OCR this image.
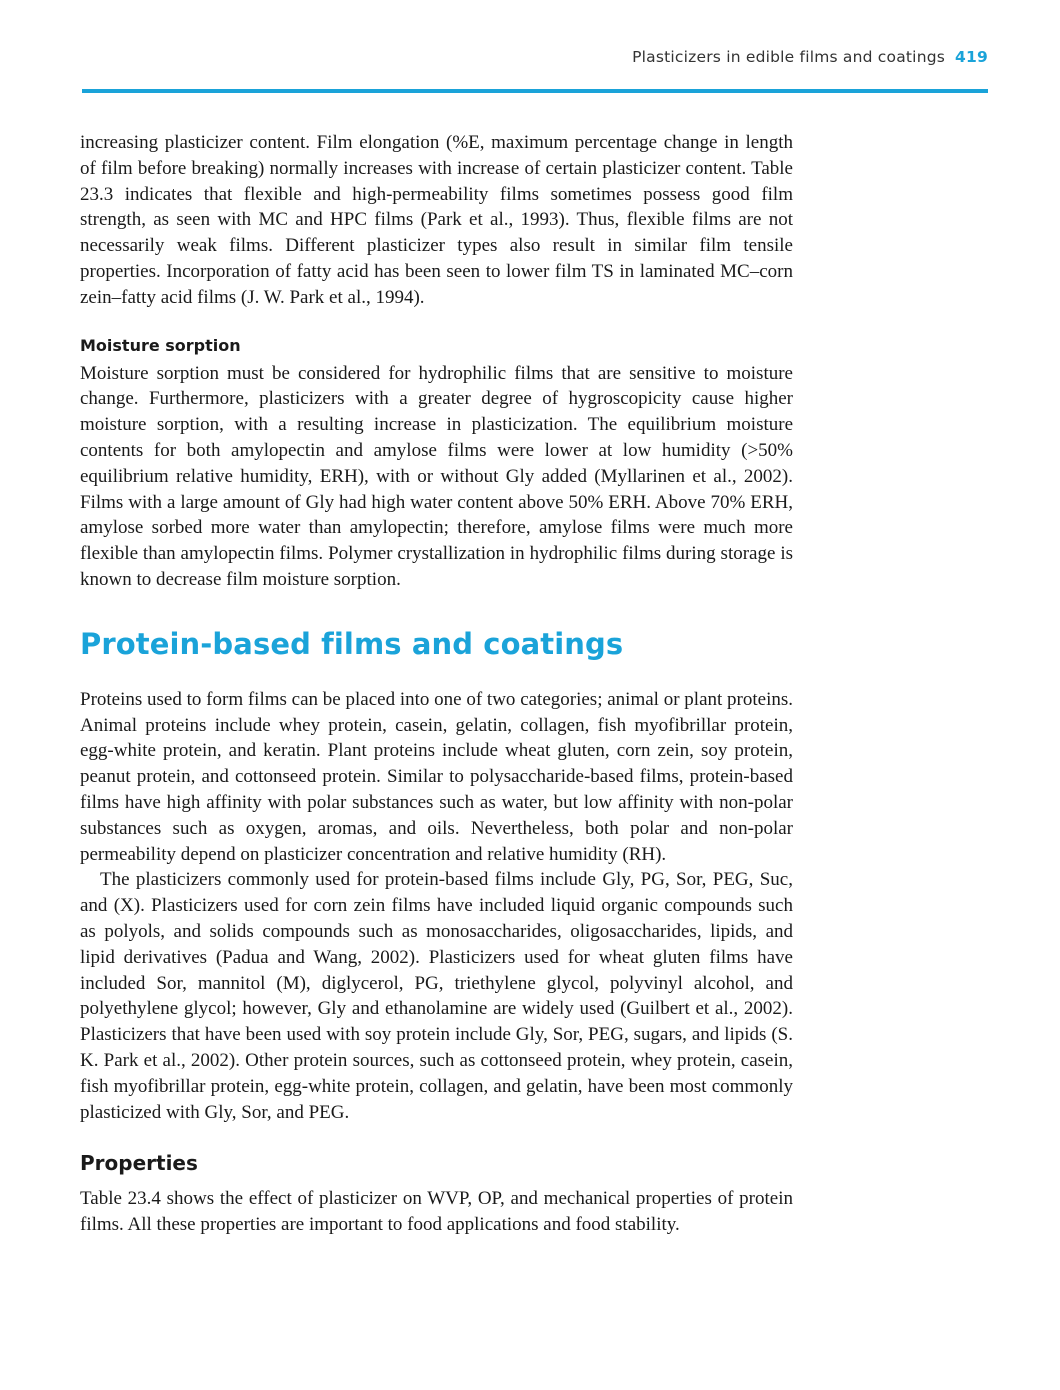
Plasticizers in edible films and coatings 419

increasing plasticizer content. Film elongation (%E, maximum percentage change in length of film before breaking) normally increases with increase of certain plasticizer content. Table 23.3 indicates that flexible and high-permeability films sometimes possess good film strength, as seen with MC and HPC films (Park et al., 1993). Thus, flexible films are not necessarily weak films. Different plasticizer types also result in similar film tensile properties. Incorporation of fatty acid has been seen to lower film TS in laminated MC–corn zein–fatty acid films (J. W. Park et al., 1994).

Moisture sorption

Moisture sorption must be considered for hydrophilic films that are sensitive to moisture change. Furthermore, plasticizers with a greater degree of hygroscopicity cause higher moisture sorption, with a resulting increase in plasticization. The equilibrium moisture contents for both amylopectin and amylose films were lower at low humidity (>50% equilibrium relative humidity, ERH), with or without Gly added (Myllarinen et al., 2002). Films with a large amount of Gly had high water content above 50% ERH. Above 70% ERH, amylose sorbed more water than amylopectin; therefore, amylose films were much more flexible than amylopectin films. Polymer crystallization in hydrophilic films during storage is known to decrease film moisture sorption.

Protein-based films and coatings

Proteins used to form films can be placed into one of two categories; animal or plant proteins. Animal proteins include whey protein, casein, gelatin, collagen, fish myofibrillar protein, egg-white protein, and keratin. Plant proteins include wheat gluten, corn zein, soy protein, peanut protein, and cottonseed protein. Similar to polysaccharide-based films, protein-based films have high affinity with polar substances such as water, but low affinity with non-polar substances such as oxygen, aromas, and oils. Nevertheless, both polar and non-polar permeability depend on plasticizer concentration and relative humidity (RH).

The plasticizers commonly used for protein-based films include Gly, PG, Sor, PEG, Suc, and (X). Plasticizers used for corn zein films have included liquid organic compounds such as polyols, and solids compounds such as monosaccharides, oligosaccharides, lipids, and lipid derivatives (Padua and Wang, 2002). Plasticizers used for wheat gluten films have included Sor, mannitol (M), diglycerol, PG, triethylene glycol, polyvinyl alcohol, and polyethylene glycol; however, Gly and ethanolamine are widely used (Guilbert et al., 2002). Plasticizers that have been used with soy protein include Gly, Sor, PEG, sugars, and lipids (S. K. Park et al., 2002). Other protein sources, such as cottonseed protein, whey protein, casein, fish myofibrillar protein, egg-white protein, collagen, and gelatin, have been most commonly plasticized with Gly, Sor, and PEG.

Properties

Table 23.4 shows the effect of plasticizer on WVP, OP, and mechanical properties of protein films. All these properties are important to food applications and food stability.
